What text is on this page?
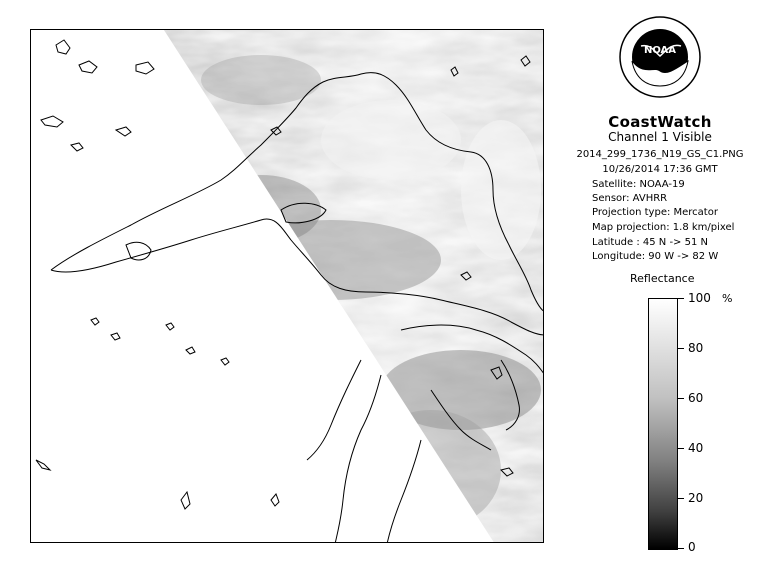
NOAA
CoastWatch
Channel 1 Visible
2014_299_1736_N19_GS_C1.PNG
10/26/2014 17:36 GMT
Satellite: NOAA-19
Sensor: AVHRR
Projection type: Mercator
Map projection: 1.8 km/pixel
Latitude : 45 N -> 51 N
Longitude: 90 W -> 82 W
Reflectance
%
100
80
60
40
20
0
